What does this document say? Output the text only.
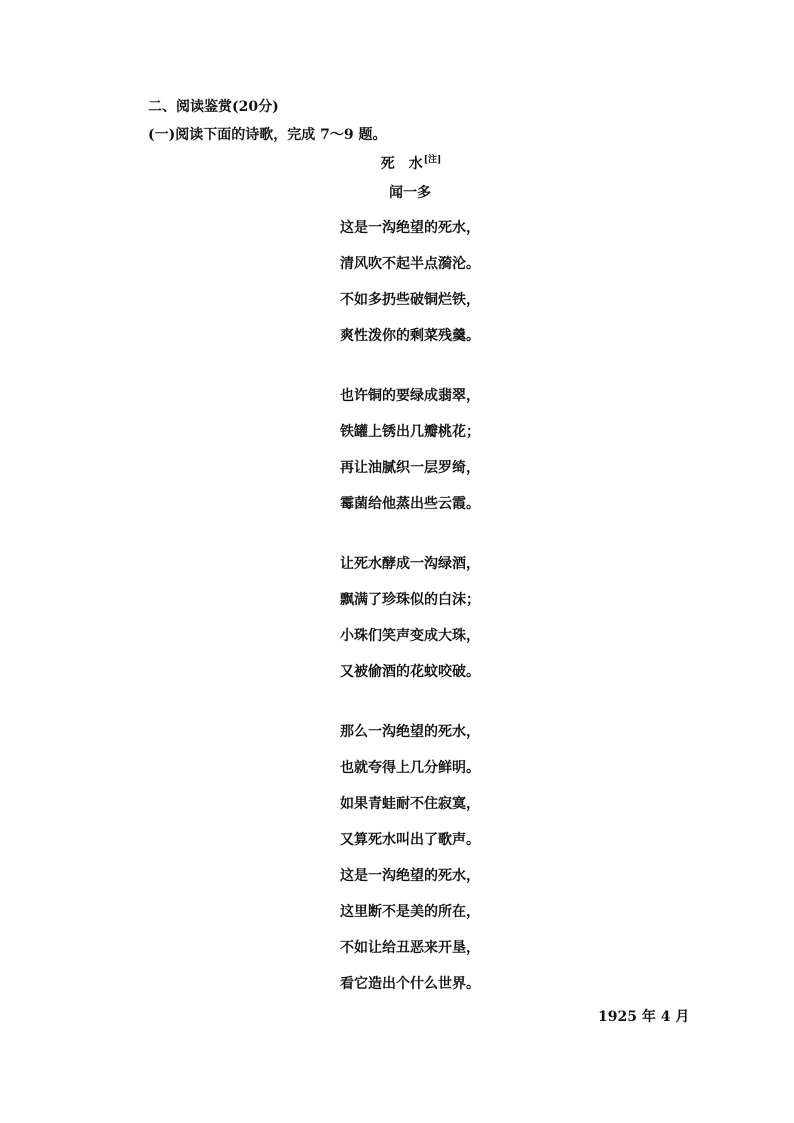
二、阅读鉴赏(20分)
(一)阅读下面的诗歌，完成 7～9 题。
死　水[注]
闻一多
这是一沟绝望的死水，
清风吹不起半点漪沦。
不如多扔些破铜烂铁，
爽性泼你的剩菜残羹。
也许铜的要绿成翡翠，
铁罐上锈出几瓣桃花；
再让油腻织一层罗绮，
霉菌给他蒸出些云霞。
让死水酵成一沟绿酒，
飘满了珍珠似的白沫；
小珠们笑声变成大珠，
又被偷酒的花蚊咬破。
那么一沟绝望的死水，
也就夸得上几分鲜明。
如果青蛙耐不住寂寞，
又算死水叫出了歌声。
这是一沟绝望的死水，
这里断不是美的所在，
不如让给丑恶来开垦，
看它造出个什么世界。
1925 年 4 月
